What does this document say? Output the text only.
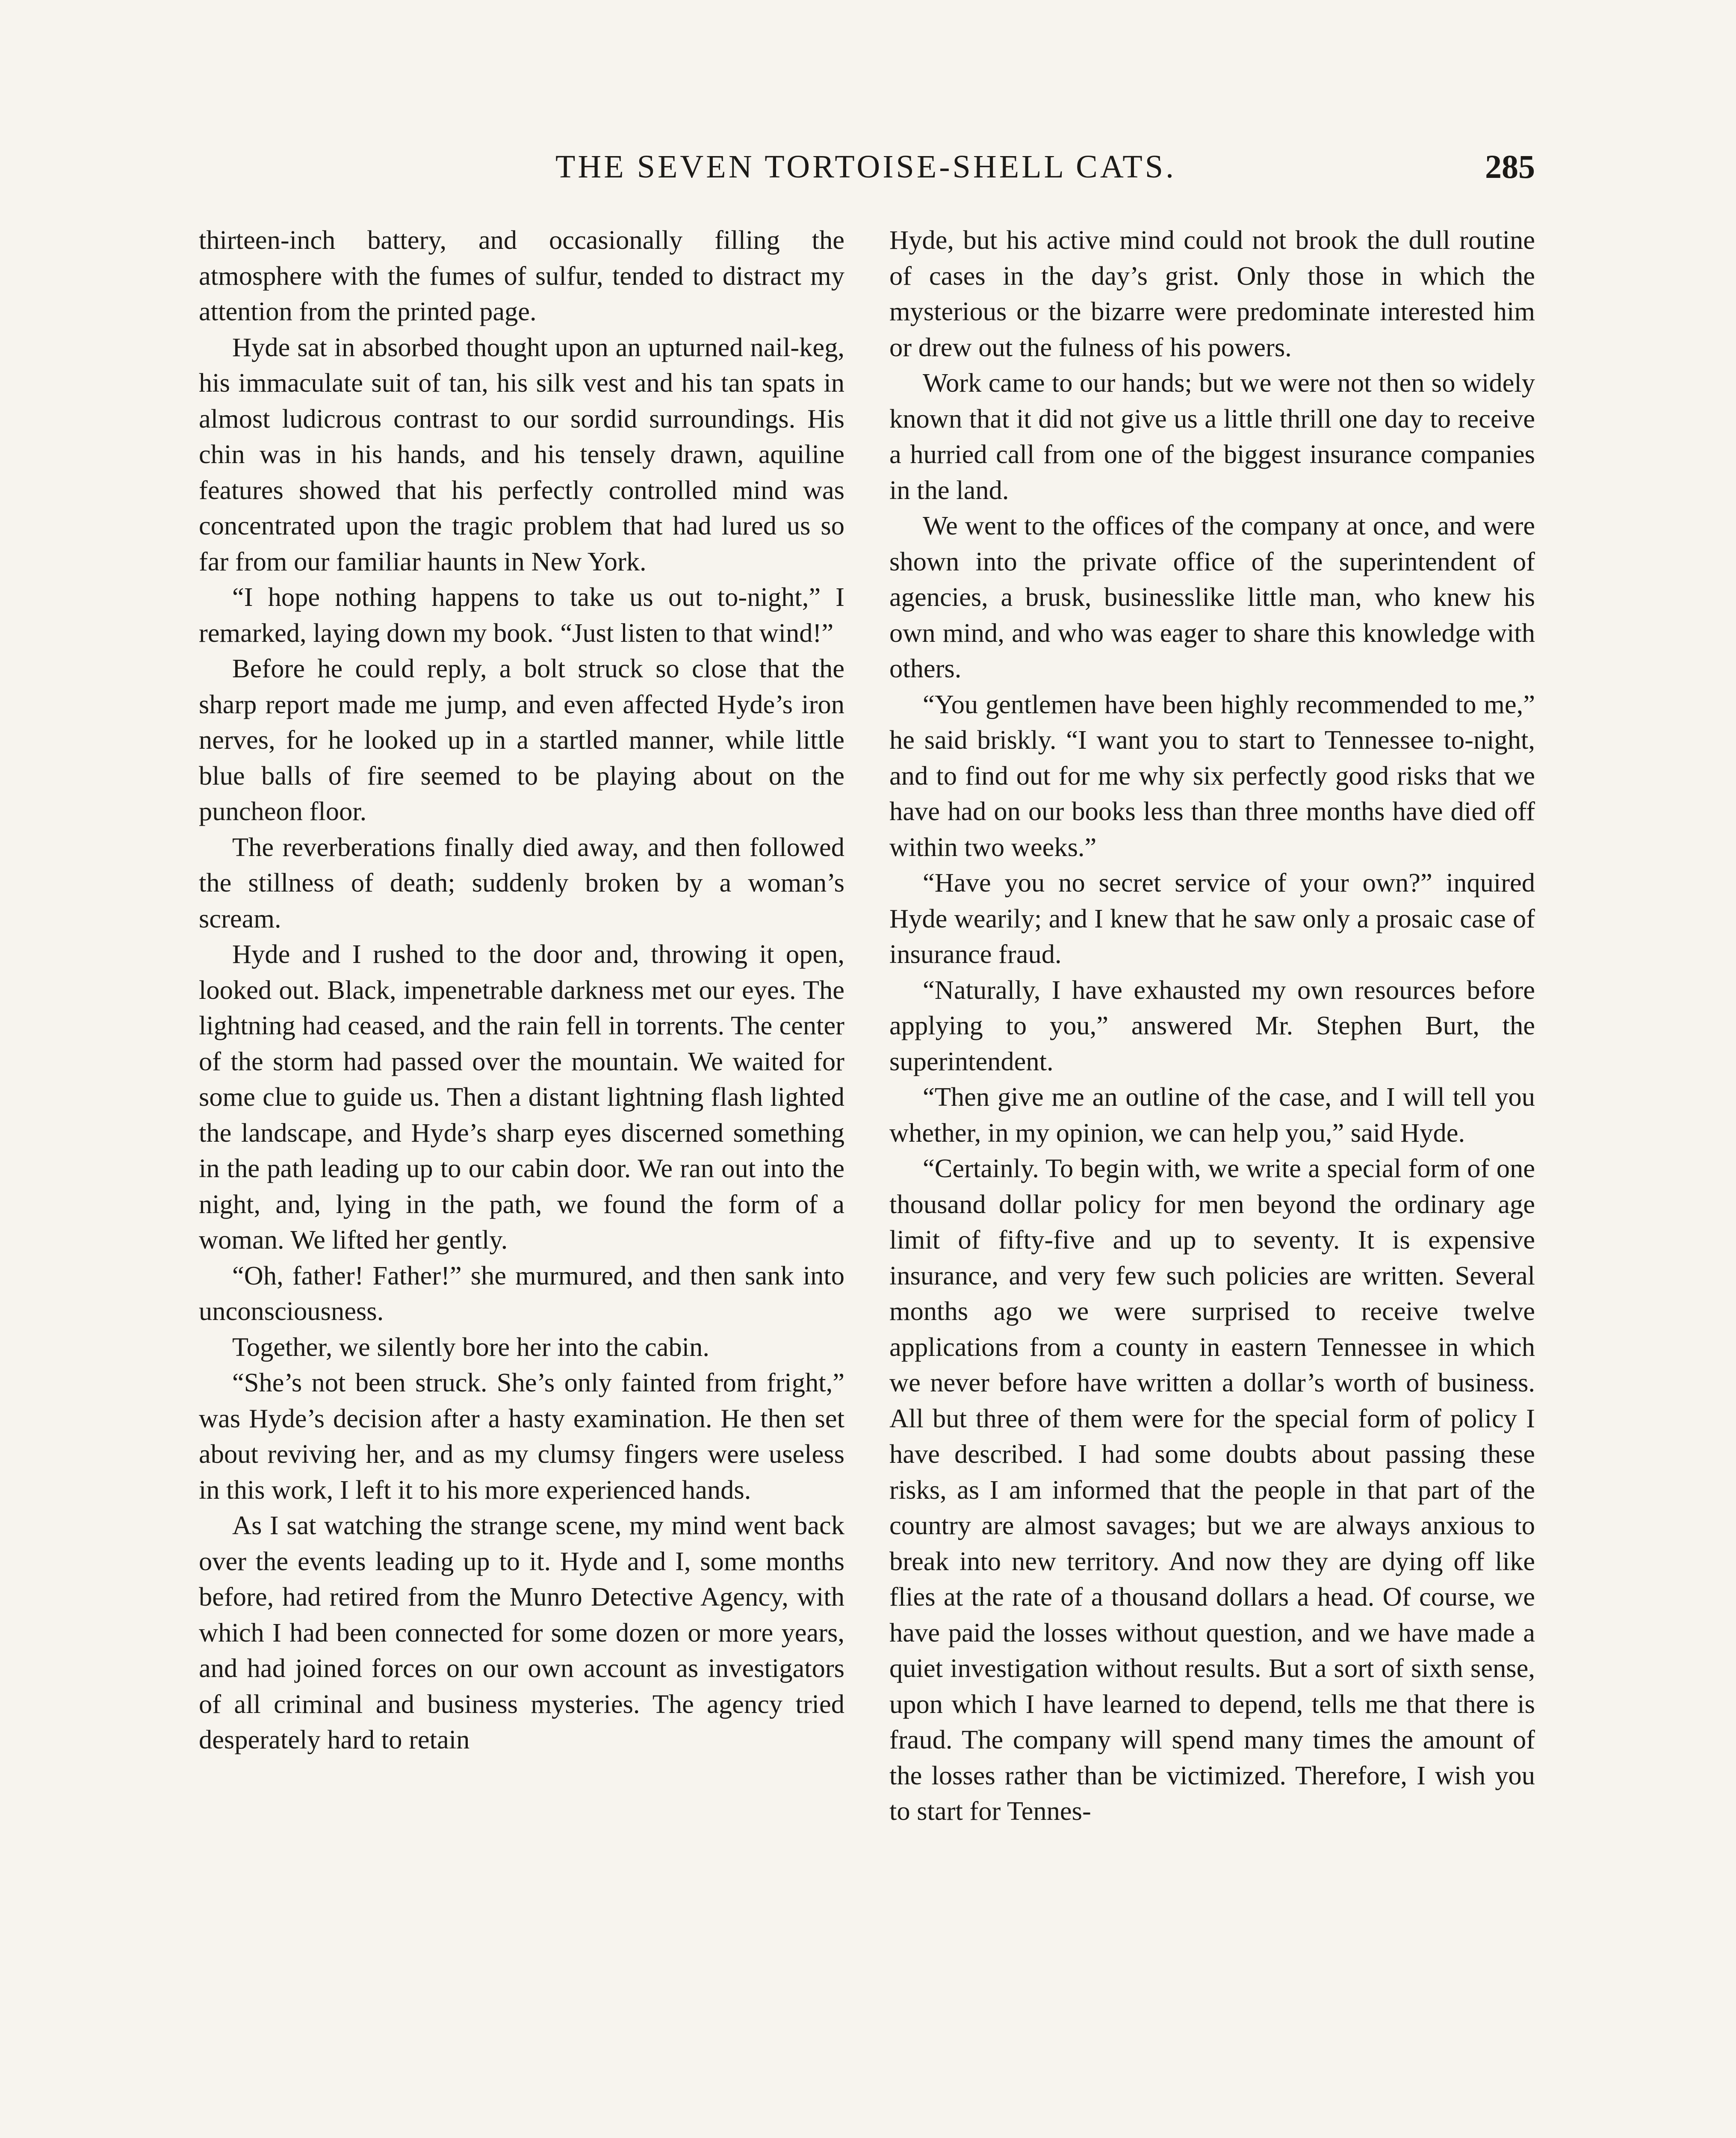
THE SEVEN TORTOISE-SHELL CATS.	285

thirteen-inch battery, and occasionally filling the atmosphere with the fumes of sulfur, tended to distract my attention from the printed page.

Hyde sat in absorbed thought upon an upturned nail-keg, his immaculate suit of tan, his silk vest and his tan spats in almost ludicrous contrast to our sordid surroundings. His chin was in his hands, and his tensely drawn, aquiline features showed that his perfectly controlled mind was concentrated upon the tragic problem that had lured us so far from our familiar haunts in New York.

“I hope nothing happens to take us out to-night,” I remarked, laying down my book. “Just listen to that wind!”

Before he could reply, a bolt struck so close that the sharp report made me jump, and even affected Hyde’s iron nerves, for he looked up in a startled manner, while little blue balls of fire seemed to be playing about on the puncheon floor.

The reverberations finally died away, and then followed the stillness of death; suddenly broken by a woman’s scream.

Hyde and I rushed to the door and, throwing it open, looked out. Black, impenetrable darkness met our eyes. The lightning had ceased, and the rain fell in torrents. The center of the storm had passed over the mountain. We waited for some clue to guide us. Then a distant lightning flash lighted the landscape, and Hyde’s sharp eyes discerned something in the path leading up to our cabin door. We ran out into the night, and, lying in the path, we found the form of a woman. We lifted her gently.

“Oh, father! Father!” she murmured, and then sank into unconsciousness.

Together, we silently bore her into the cabin.

“She’s not been struck. She’s only fainted from fright,” was Hyde’s decision after a hasty examination. He then set about reviving her, and as my clumsy fingers were useless in this work, I left it to his more experienced hands.

As I sat watching the strange scene, my mind went back over the events leading up to it. Hyde and I, some months before, had retired from the Munro Detective Agency, with which I had been connected for some dozen or more years, and had joined forces on our own account as investigators of all criminal and business mysteries. The agency tried desperately hard to retain

Hyde, but his active mind could not brook the dull routine of cases in the day’s grist. Only those in which the mysterious or the bizarre were predominate interested him or drew out the fulness of his powers.

Work came to our hands; but we were not then so widely known that it did not give us a little thrill one day to receive a hurried call from one of the biggest insurance companies in the land.

We went to the offices of the company at once, and were shown into the private office of the superintendent of agencies, a brusk, businesslike little man, who knew his own mind, and who was eager to share this knowledge with others.

“You gentlemen have been highly recommended to me,” he said briskly. “I want you to start to Tennessee to-night, and to find out for me why six perfectly good risks that we have had on our books less than three months have died off within two weeks.”

“Have you no secret service of your own?” inquired Hyde wearily; and I knew that he saw only a prosaic case of insurance fraud.

“Naturally, I have exhausted my own resources before applying to you,” answered Mr. Stephen Burt, the superintendent.

“Then give me an outline of the case, and I will tell you whether, in my opinion, we can help you,” said Hyde.

“Certainly. To begin with, we write a special form of one thousand dollar policy for men beyond the ordinary age limit of fifty-five and up to seventy. It is expensive insurance, and very few such policies are written. Several months ago we were surprised to receive twelve applications from a county in eastern Tennessee in which we never before have written a dollar’s worth of business. All but three of them were for the special form of policy I have described. I had some doubts about passing these risks, as I am informed that the people in that part of the country are almost savages; but we are always anxious to break into new territory. And now they are dying off like flies at the rate of a thousand dollars a head. Of course, we have paid the losses without question, and we have made a quiet investigation without results. But a sort of sixth sense, upon which I have learned to depend, tells me that there is fraud. The company will spend many times the amount of the losses rather than be victimized. Therefore, I wish you to start for Tennes-
